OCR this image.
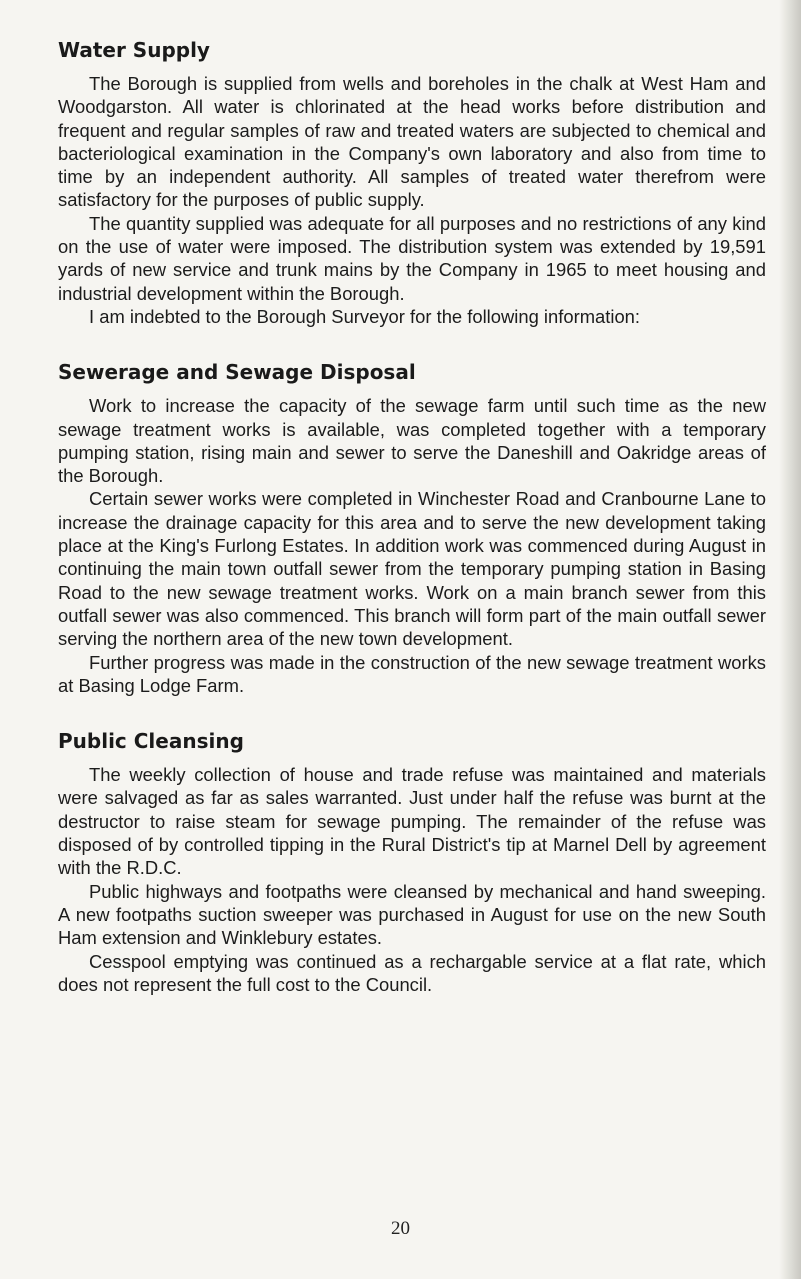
Water Supply

The Borough is supplied from wells and boreholes in the chalk at West Ham and Woodgarston. All water is chlorinated at the head works before distribution and frequent and regular samples of raw and treated waters are subjected to chemical and bacteriological examination in the Company's own laboratory and also from time to time by an independent authority. All samples of treated water therefrom were satisfactory for the purposes of public supply.

The quantity supplied was adequate for all purposes and no restrictions of any kind on the use of water were imposed. The distribution system was extended by 19,591 yards of new service and trunk mains by the Company in 1965 to meet housing and industrial development within the Borough.

I am indebted to the Borough Surveyor for the following information:

Sewerage and Sewage Disposal

Work to increase the capacity of the sewage farm until such time as the new sewage treatment works is available, was completed together with a temporary pumping station, rising main and sewer to serve the Daneshill and Oakridge areas of the Borough.

Certain sewer works were completed in Winchester Road and Cranbourne Lane to increase the drainage capacity for this area and to serve the new development taking place at the King's Furlong Estates. In addition work was commenced during August in continuing the main town outfall sewer from the temporary pumping station in Basing Road to the new sewage treatment works. Work on a main branch sewer from this outfall sewer was also commenced. This branch will form part of the main outfall sewer serving the northern area of the new town development.

Further progress was made in the construction of the new sewage treatment works at Basing Lodge Farm.

Public Cleansing

The weekly collection of house and trade refuse was maintained and materials were salvaged as far as sales warranted. Just under half the refuse was burnt at the destructor to raise steam for sewage pumping. The remainder of the refuse was disposed of by controlled tipping in the Rural District's tip at Marnel Dell by agreement with the R.D.C.

Public highways and footpaths were cleansed by mechanical and hand sweeping. A new footpaths suction sweeper was purchased in August for use on the new South Ham extension and Winklebury estates.

Cesspool emptying was continued as a rechargable service at a flat rate, which does not represent the full cost to the Council.

20
